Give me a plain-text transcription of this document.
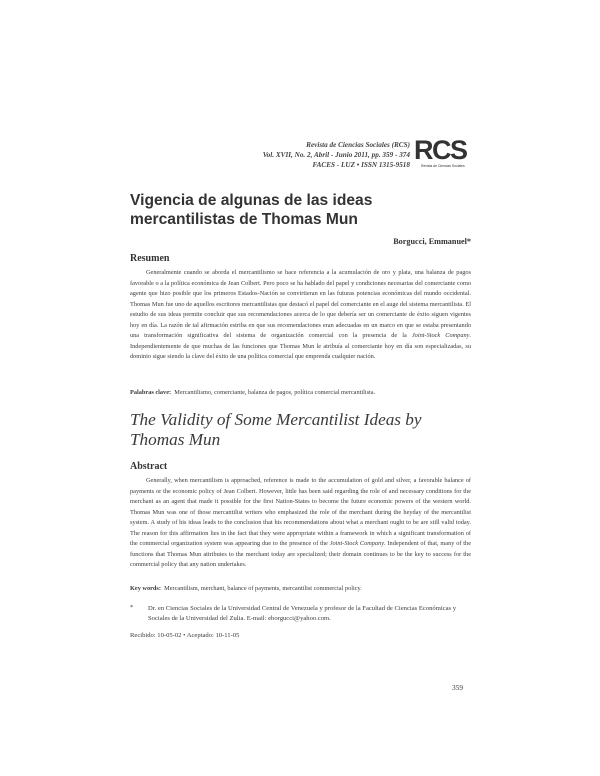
Revista de Ciencias Sociales (RCS)
Vol. XVII, No. 2, Abril - Junio 2011, pp. 359 - 374
FACES - LUZ • ISSN 1315-9518
RCS
Revista de Ciencias Sociales
Vigencia de algunas de las ideas mercantilistas de Thomas Mun
Borgucci, Emmanuel*
Resumen

Generalmente cuando se aborda el mercantilismo se hace referencia a la acumulación de oro y plata, una balanza de pagos favorable o a la política económica de Jean Colbert. Pero poco se ha hablado del papel y condiciones necesarias del comerciante como agente que hizo posible que los primeros Estados-Nación se convirtieran en las futuras potencias económicas del mundo occidental. Thomas Mun fue uno de aquellos escritores mercantilistas que destacó el papel del comerciante en el auge del sistema mercantilista. El estudio de sus ideas permite concluir que sus recomendaciones acerca de lo que debería ser un comerciante de éxito siguen vigentes hoy en día. La razón de tal afirmación estriba en que sus recomendaciones eran adecuadas en un marco en que se estaba presentando una transformación significativa del sistema de organización comercial con la presencia de la Joint-Stock Company. Independientemente de que muchas de las funciones que Thomas Mun le atribuía al comerciante hoy en día son especializadas, su dominio sigue siendo la clave del éxito de una política comercial que emprenda cualquier nación.

Palabras clave: Mercantilismo, comerciante, balanza de pagos, política comercial mercantilista.

The Validity of Some Mercantilist Ideas by Thomas Mun
Abstract

Generally, when mercantilism is approached, reference is made to the accumulation of gold and silver, a favorable balance of payments or the economic policy of Jean Colbert. However, little has been said regarding the role of and necessary conditions for the merchant as an agent that made it possible for the first Nation-States to become the future economic powers of the western world. Thomas Mun was one of those mercantilist writers who emphasized the role of the merchant during the heyday of the mercantilist system. A study of his ideas leads to the conclusion that his recommendations about what a merchant ought to be are still valid today. The reason for this affirmation lies in the fact that they were appropriate within a framework in which a significant transformation of the commercial organization system was appearing due to the presence of the Joint-Stock Company. Independent of that, many of the functions that Thomas Mun attributes to the merchant today are specialized; their domain continues to be the key to success for the commercial policy that any nation undertakes.

Key words: Mercantilism, merchant, balance of payments, mercantilist commercial policy.

* Dr. en Ciencias Sociales de la Universidad Central de Venezuela y profesor de la Facultad de Ciencias Económicas y Sociales de la Universidad del Zulia. E-mail: eborgucci@yahoo.com.

Recibido: 10-05-02 • Aceptado: 10-11-05
359
